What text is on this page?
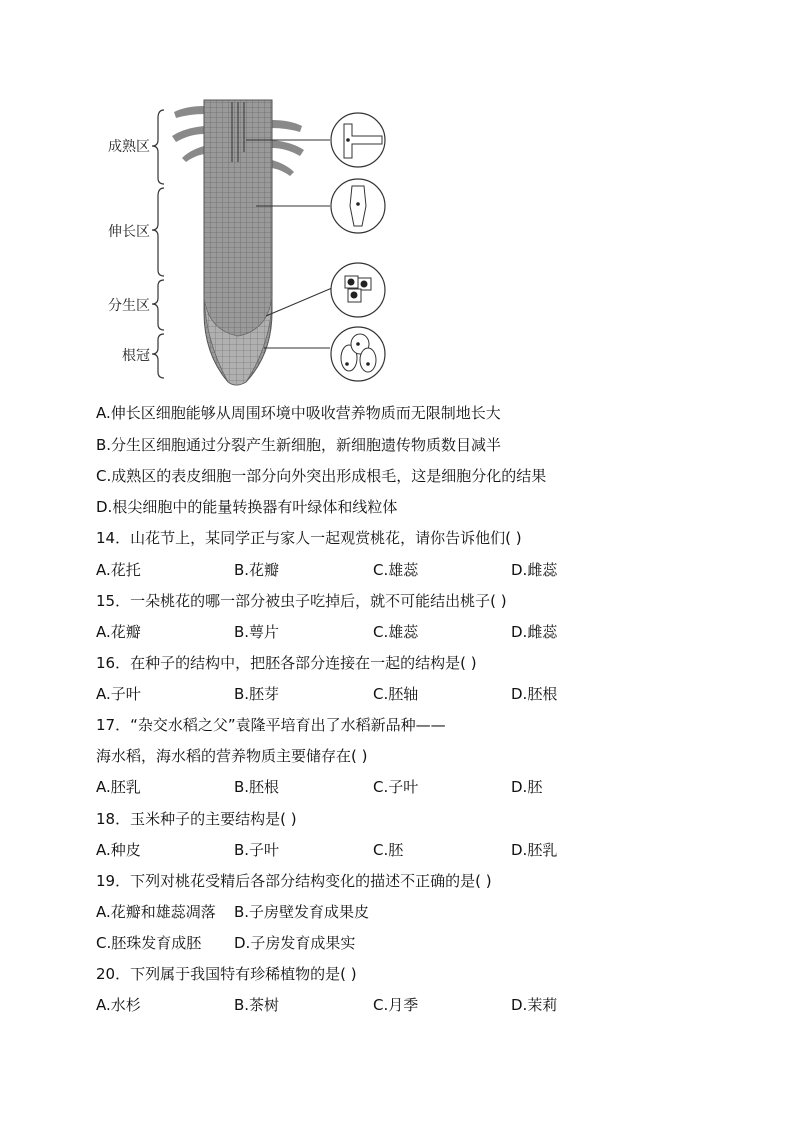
成熟区
伸长区
分生区
根冠
A.伸长区细胞能够从周围环境中吸收营养物质而无限制地长大
B.分生区细胞通过分裂产生新细胞，新细胞遗传物质数目减半
C.成熟区的表皮细胞一部分向外突出形成根毛，这是细胞分化的结果
D.根尖细胞中的能量转换器有叶绿体和线粒体
14．山花节上，某同学正与家人一起观赏桃花，请你告诉他们( )
A.花托	B.花瓣	C.雄蕊	D.雌蕊
15．一朵桃花的哪一部分被虫子吃掉后，就不可能结出桃子( )
A.花瓣	B.萼片	C.雄蕊	D.雌蕊
16．在种子的结构中，把胚各部分连接在一起的结构是( )
A.子叶	B.胚芽	C.胚轴	D.胚根
17．“杂交水稻之父”袁隆平培育出了水稻新品种——
海水稻，海水稻的营养物质主要储存在( )
A.胚乳	B.胚根	C.子叶	D.胚
18．玉米种子的主要结构是( )
A.种皮	B.子叶	C.胚	D.胚乳
19．下列对桃花受精后各部分结构变化的描述不正确的是( )
A.花瓣和雄蕊凋落 B.子房壁发育成果皮
C.胚珠发育成胚 D.子房发育成果实
20．下列属于我国特有珍稀植物的是( )
A.水杉	B.茶树	C.月季	D.茉莉
